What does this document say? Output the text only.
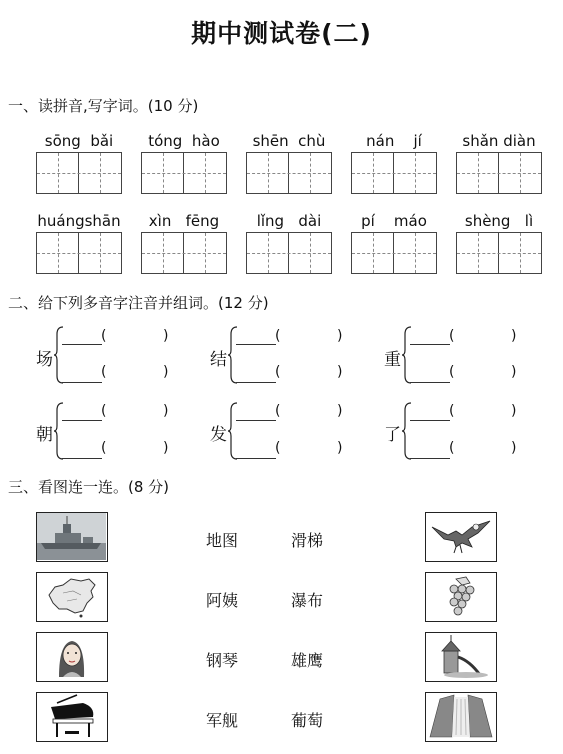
期中测试卷(二)
一、读拼音,写字词。(10 分)
sōng bǎi	tóng hào	shēn chù	nán jí	shǎn diàn
huángshān	xìn fēng	lǐng dài	pí máo	shèng lì
二、给下列多音字注音并组词。(12 分)
场
(	)
(	)
结
(	)
(	)
重
(	)
(	)
朝
(	)
(	)
发
(	)
(	)
了
(	)
(	)
三、看图连一连。(8 分)
地图	滑梯
阿姨	瀑布
钢琴	雄鹰
军舰	葡萄
